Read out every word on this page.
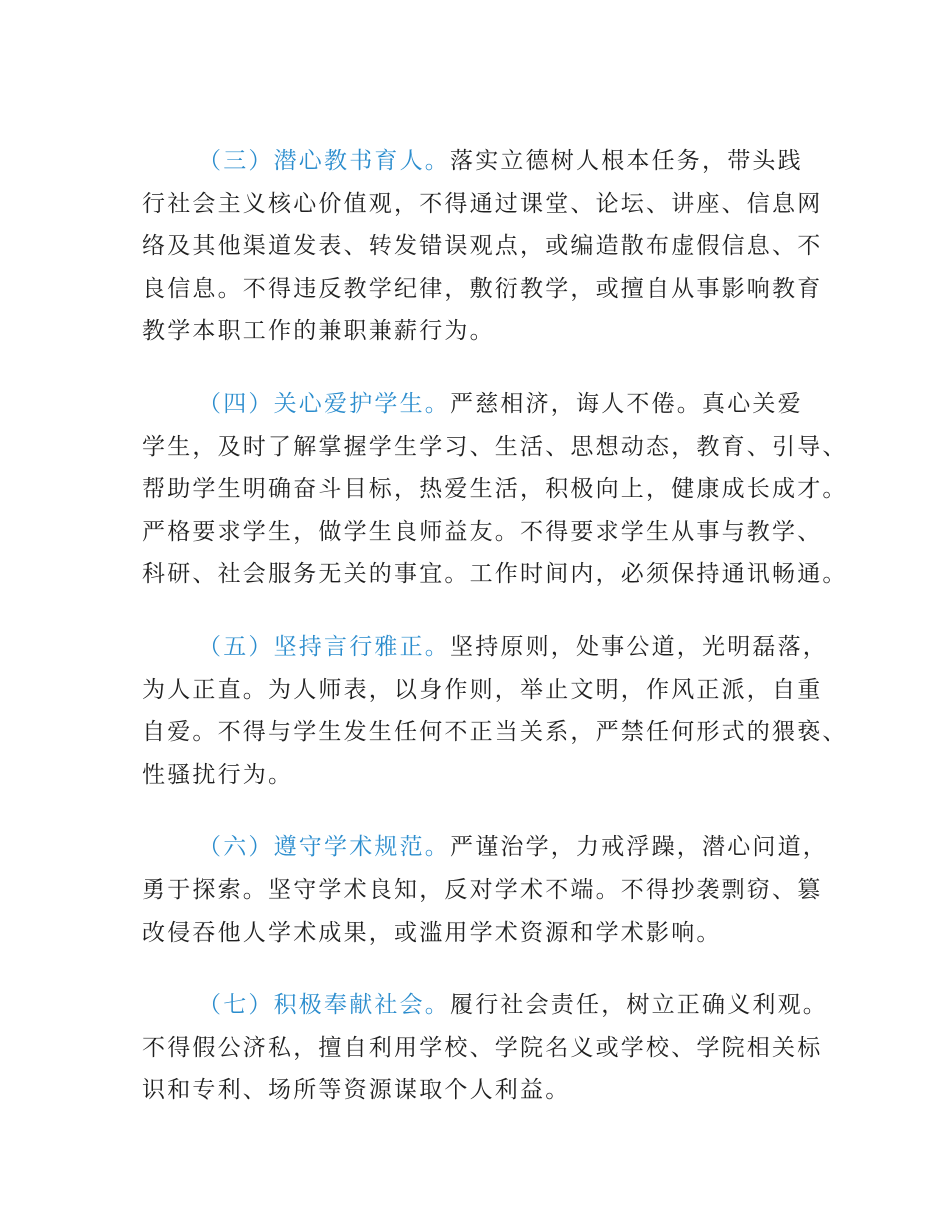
（三）潜心教书育人。落实立德树人根本任务，带头践
行社会主义核心价值观，不得通过课堂、论坛、讲座、信息网
络及其他渠道发表、转发错误观点，或编造散布虚假信息、不
良信息。不得违反教学纪律，敷衍教学，或擅自从事影响教育
教学本职工作的兼职兼薪行为。

（四）关心爱护学生。严慈相济，诲人不倦。真心关爱
学生，及时了解掌握学生学习、生活、思想动态，教育、引导、
帮助学生明确奋斗目标，热爱生活，积极向上，健康成长成才。
严格要求学生，做学生良师益友。不得要求学生从事与教学、
科研、社会服务无关的事宜。工作时间内，必须保持通讯畅通。

（五）坚持言行雅正。坚持原则，处事公道，光明磊落，
为人正直。为人师表，以身作则，举止文明，作风正派，自重
自爱。不得与学生发生任何不正当关系，严禁任何形式的猥亵、
性骚扰行为。

（六）遵守学术规范。严谨治学，力戒浮躁，潜心问道，
勇于探索。坚守学术良知，反对学术不端。不得抄袭剽窃、篡
改侵吞他人学术成果，或滥用学术资源和学术影响。

（七）积极奉献社会。履行社会责任，树立正确义利观。
不得假公济私，擅自利用学校、学院名义或学校、学院相关标
识和专利、场所等资源谋取个人利益。
